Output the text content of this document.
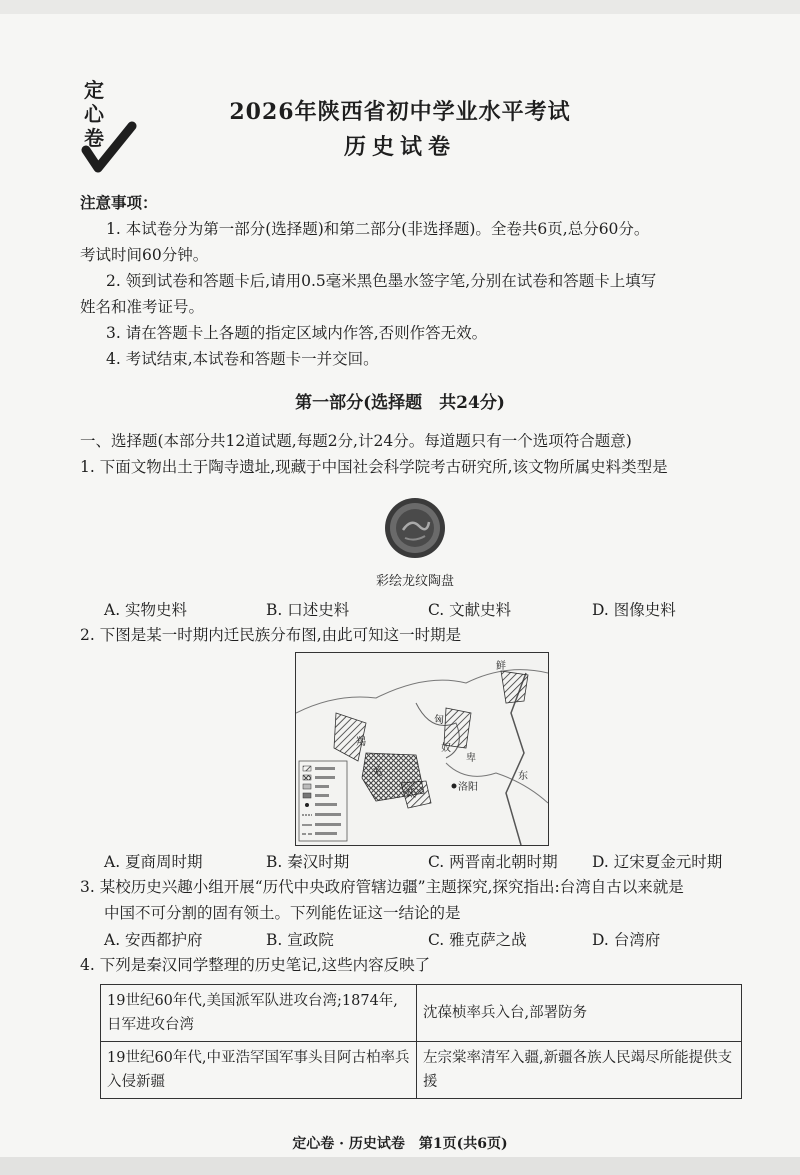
定心卷
2026年陕西省初中学业水平考试
历史试卷
注意事项：
1. 本试卷分为第一部分(选择题)和第二部分(非选择题)。全卷共6页,总分60分。
考试时间60分钟。
2. 领到试卷和答题卡后,请用0.5毫米黑色墨水签字笔,分别在试卷和答题卡上填写
姓名和准考证号。
3. 请在答题卡上各题的指定区域内作答,否则作答无效。
4. 考试结束,本试卷和答题卡一并交回。
第一部分(选择题　共24分)
一、选择题(本部分共12道试题,每题2分,计24分。每道题只有一个选项符合题意)
1. 下面文物出土于陶寺遗址,现藏于中国社会科学院考古研究所,该文物所属史料类型是
彩绘龙纹陶盘
A. 实物史料	B. 口述史料	C. 文献史料	D. 图像史料
2. 下图是某一时期内迁民族分布图,由此可知这一时期是
鲜
匈
奴
卑
羯
羌
氐
洛阳
东
A. 夏商周时期	B. 秦汉时期	C. 两晋南北朝时期 D. 辽宋夏金元时期
3. 某校历史兴趣小组开展“历代中央政府管辖边疆”主题探究,探究指出:台湾自古以来就是
中国不可分割的固有领土。下列能佐证这一结论的是
A. 安西都护府	B. 宣政院	C. 雅克萨之战	D. 台湾府
4. 下列是秦汉同学整理的历史笔记,这些内容反映了
19世纪60年代,美国派军队进攻台湾;1874年,日军进攻台湾	沈葆桢率兵入台,部署防务
19世纪60年代,中亚浩罕国军事头目阿古柏率兵入侵新疆	左宗棠率清军入疆,新疆各族人民竭尽所能提供支援
定心卷 · 历史试卷　第1页(共6页)
